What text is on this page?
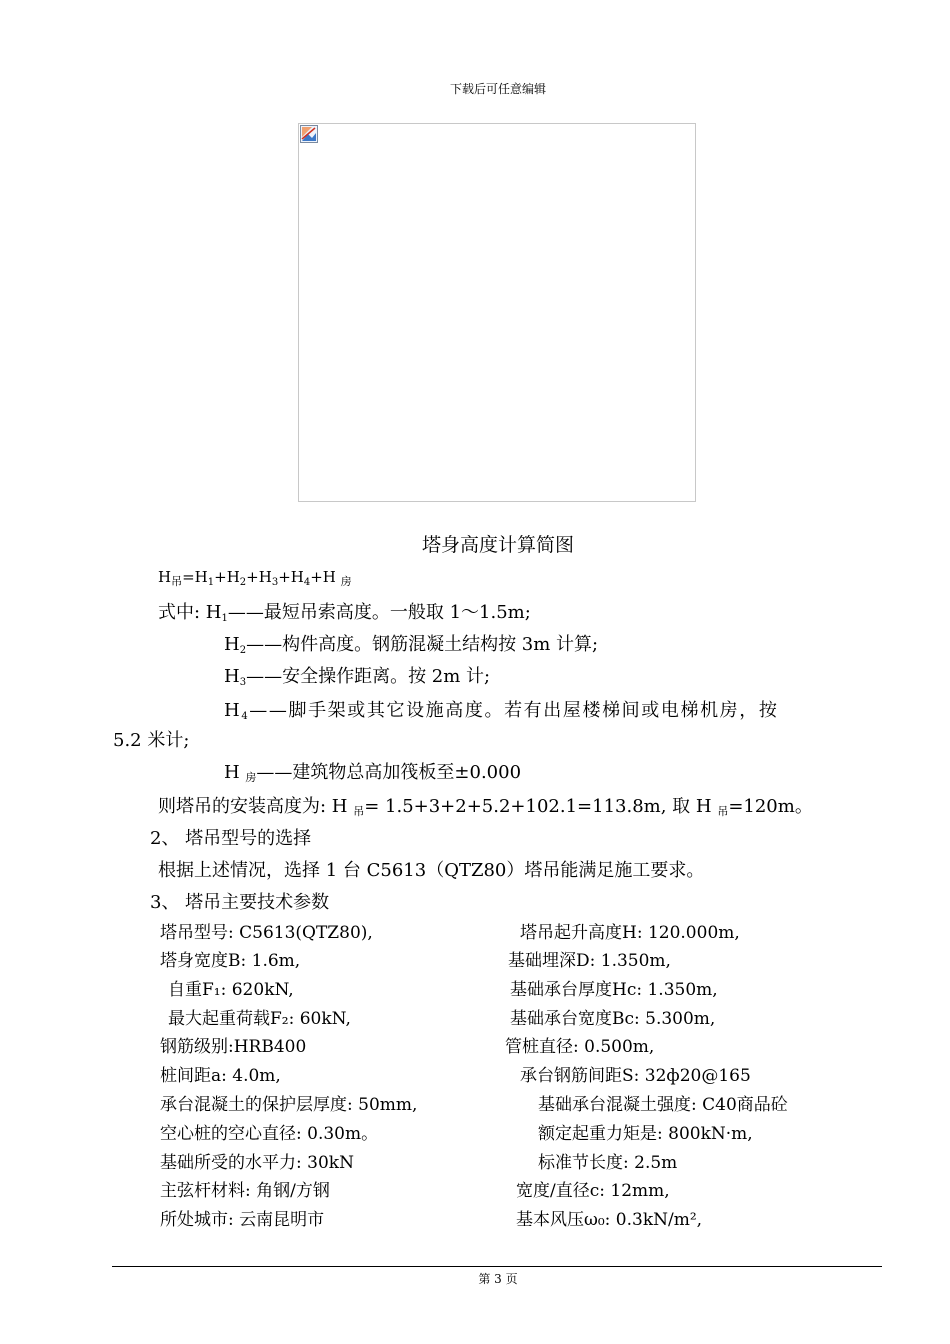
下载后可任意编辑
塔身高度计算简图
$H_吊=H_1+H_2+H_3+H_4+H$ $_房$
式中: $H_1——$最短吊索高度。一般取 1～1.5m;
$H_2——$构件高度。钢筋混凝土结构按 3m 计算;
$H_3——$安全操作距离。按 2m 计;
$H_4——$脚手架或其它设施高度。若有出屋楼梯间或电梯机房，按
5.2 米计;
H 房——建筑物总高加筏板至±0.000
则塔吊的安装高度为: H 吊= 1.5+3+2+5.2+102.1=113.8m, 取 H 吊=120m。
2、 塔吊型号的选择
根据上述情况，选择 1 台 C5613（QTZ80）塔吊能满足施工要求。
3、 塔吊主要技术参数
塔吊型号: C5613(QTZ80),
塔身宽度B: 1.6m,
自重F₁: 620kN,
最大起重荷载F₂: 60kN,
钢筋级别:HRB400
桩间距a: 4.0m,
承台混凝土的保护层厚度: 50mm,
空心桩的空心直径: 0.30m。
基础所受的水平力: 30kN
主弦杆材料: 角钢/方钢
所处城市: 云南昆明市
塔吊起升高度H: 120.000m,
基础埋深D: 1.350m,
基础承台厚度Hc: 1.350m,
基础承台宽度Bc: 5.300m,
管桩直径: 0.500m,
承台钢筋间距S: 32ф20@165
基础承台混凝土强度: C40商品砼
额定起重力矩是: 800kN·m,
标准节长度: 2.5m
宽度/直径c: 12mm,
基本风压ω₀: 0.3kN/m²,
第 3 页
